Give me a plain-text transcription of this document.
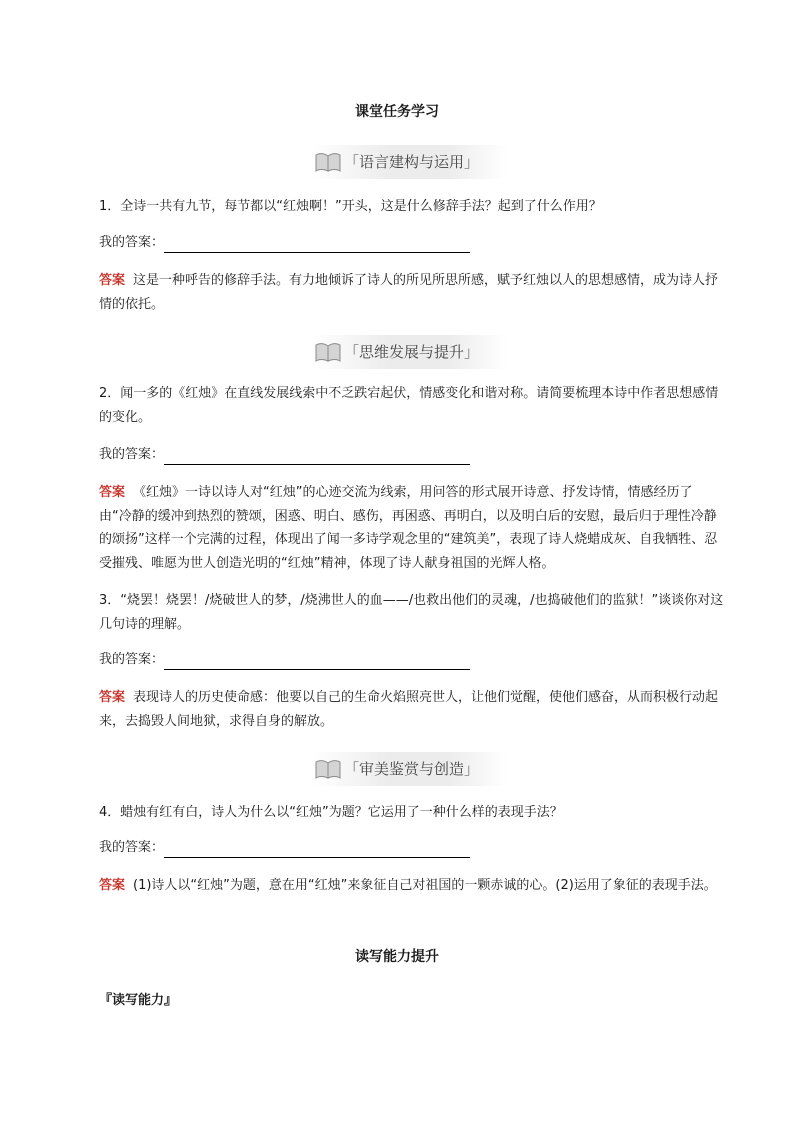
课堂任务学习
「语言建构与运用」
1．全诗一共有九节，每节都以“红烛啊！”开头，这是什么修辞手法？起到了什么作用？
我的答案：
答案 这是一种呼告的修辞手法。有力地倾诉了诗人的所见所思所感，赋予红烛以人的思想感情，成为诗人抒情的依托。
「思维发展与提升」
2．闻一多的《红烛》在直线发展线索中不乏跌宕起伏，情感变化和谐对称。请简要梳理本诗中作者思想感情的变化。
我的答案：
答案 《红烛》一诗以诗人对“红烛”的心迹交流为线索，用问答的形式展开诗意、抒发诗情，情感经历了由“冷静的缓冲到热烈的赞颂，困惑、明白、感伤，再困惑、再明白，以及明白后的安慰，最后归于理性冷静的颂扬”这样一个完满的过程，体现出了闻一多诗学观念里的“建筑美”，表现了诗人烧蜡成灰、自我牺牲、忍受摧残、唯愿为世人创造光明的“红烛”精神，体现了诗人献身祖国的光辉人格。
3．“烧罢！烧罢！/烧破世人的梦，/烧沸世人的血——/也救出他们的灵魂，/也捣破他们的监狱！”谈谈你对这几句诗的理解。
我的答案：
答案 表现诗人的历史使命感：他要以自己的生命火焰照亮世人，让他们觉醒，使他们感奋，从而积极行动起来，去捣毁人间地狱，求得自身的解放。
「审美鉴赏与创造」
4．蜡烛有红有白，诗人为什么以“红烛”为题？它运用了一种什么样的表现手法？
我的答案：
答案 (1)诗人以“红烛”为题，意在用“红烛”来象征自己对祖国的一颗赤诚的心。(2)运用了象征的表现手法。
读写能力提升
『读写能力』
